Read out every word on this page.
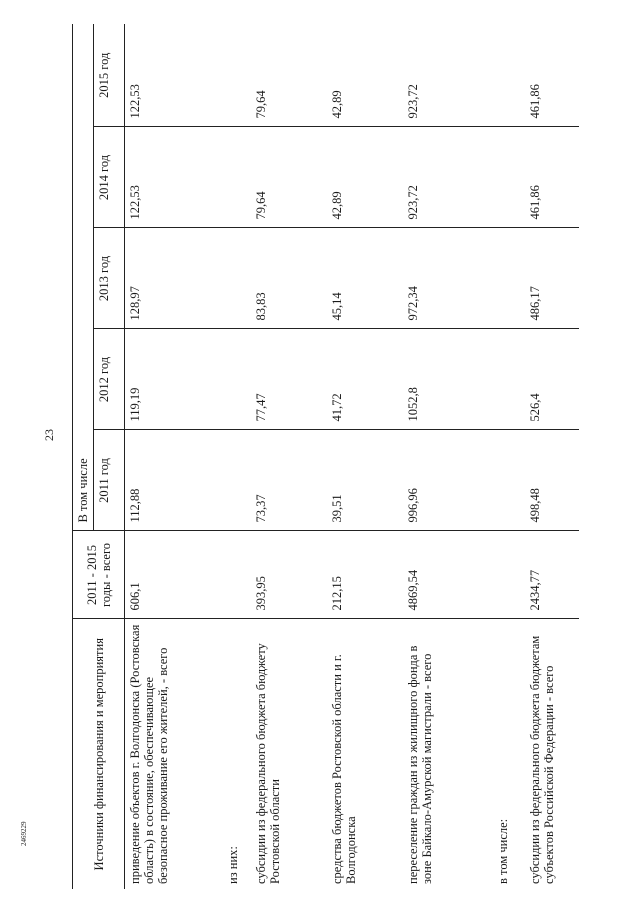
23
2469229	Источники финансирования и мероприятия	2011 - 2015 годы - всего	В том числе				
		2011 год	2012 год	2013 год	2014 год	2015 год
приведение объектов г. Волгодонска (Ростовская область) в состояние, обеспечивающее безопасное проживание его жителей, - всего	606,1	112,88	119,19	128,97	122,53	122,53
из них:						
субсидии из федерального бюджета бюджету Ростовской области	393,95	73,37	77,47	83,83	79,64	79,64
средства бюджетов Ростовской области и г. Волгодонска	212,15	39,51	41,72	45,14	42,89	42,89
переселение граждан из жилищного фонда в зоне Байкало-Амурской магистрали - всего	4869,54	996,96	1052,8	972,34	923,72	923,72
в том числе:						
субсидии из федерального бюджета бюджетам субъектов Российской Федерации - всего	2434,77	498,48	526,4	486,17	461,86	461,86
